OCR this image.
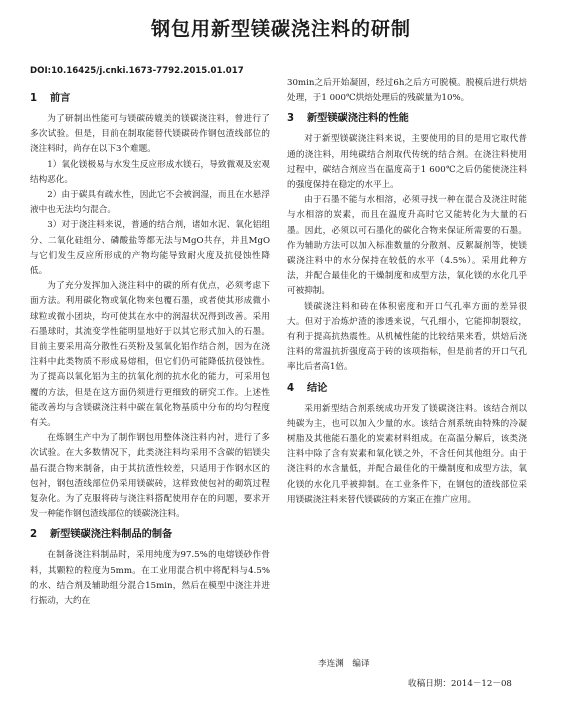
钢包用新型镁碳浇注料的研制
DOI:10.16425/j.cnki.1673-7792.2015.01.017
1 前言

为了研制出性能可与镁碳砖媲美的镁碳浇注料，曾进行了多次试验。但是，目前在制取能替代镁碳砖作钢包渣线部位的浇注料时，尚存在以下3个难题。

1）氧化镁极易与水发生反应形成水镁石，导致微观及宏观结构恶化。

2）由于碳具有疏水性，因此它不会被润湿，而且在水悬浮液中也无法均匀混合。

3）对于浇注料来说，普通的结合剂，诸如水泥、氧化铝组分、二氧化硅组分、磷酸盐等都无法与MgO共存，并且MgO与它们发生反应所形成的产物均能导致耐火度及抗侵蚀性降低。

为了充分发挥加入浇注料中的碳的所有优点，必须考虑下面方法。利用碳化物或氧化物来包覆石墨，或者使其形成微小球粒或微小团块，均可使其在水中的润湿状况得到改善。采用石墨球时，其流变学性能明显地好于以其它形式加入的石墨。目前主要采用高分散性石英粉及氢氧化铝作结合剂，因为在浇注料中此类物质不形成易熔相，但它们仍可能降低抗侵蚀性。为了提高以氧化铝为主的抗氧化剂的抗水化的能力，可采用包覆的方法，但是在这方面仍须进行更细致的研究工作。上述性能改善均与含镁碳浇注料中碳在氧化物基质中分布的均匀程度有关。

在炼钢生产中为了制作钢包用整体浇注料内衬，进行了多次试验。在大多数情况下，此类浇注料均采用不含碳的铝镁尖晶石混合物来制备，由于其抗渣性较差，只适用于作钢水区的包衬，钢包渣线部位仍采用镁碳砖，这样致使包衬的砌筑过程复杂化。为了克服将砖与浇注料搭配使用存在的问题，要求开发一种能作钢包渣线部位的镁碳浇注料。

2 新型镁碳浇注料制品的制备

在制备浇注料制品时，采用纯度为97.5%的电熔镁砂作骨料，其颗粒的粒度为5mm。在工业用混合机中将配料与4.5%的水、结合剂及辅助组分混合15min，然后在模型中浇注并进行振动，大约在

30min之后开始凝固，经过6h之后方可脱模。脱模后进行烘焙处理，于1 000℃烘焙处理后的残碳量为10%。

3 新型镁碳浇注料的性能

对于新型镁碳浇注料来说，主要使用的目的是用它取代普通的浇注料，用纯碳结合剂取代传统的结合剂。在浇注料使用过程中，碳结合剂应当在温度高于1 600℃之后仍能使浇注料的强度保持在稳定的水平上。

由于石墨不能与水相溶，必须寻找一种在混合及浇注时能与水相溶的炭素，而且在温度升高时它又能转化为大量的石墨。因此，必须以可石墨化的碳化合物来保证所需要的石墨。作为辅助方法可以加入标准数量的分散剂、反絮凝剂等，使镁碳浇注料中的水分保持在较低的水平（4.5%）。采用此种方法，并配合最佳化的干燥制度和成型方法，氧化镁的水化几乎可被抑制。

镁碳浇注料和砖在体积密度和开口气孔率方面的差异很大。但对于冶炼炉渣的渗透来说，气孔细小，它能抑制裂纹，有利于提高抗热震性。从机械性能的比较结果来看，烘焙后浇注料的常温抗折强度高于砖的该项指标，但是前者的开口气孔率比后者高1倍。

4 结论

采用新型结合剂系统成功开发了镁碳浇注料。该结合剂以纯碳为主，也可以加入少量的水。该结合剂系统由特殊的冷凝树脂及其他能石墨化的炭素材料组成。在高温分解后，该类浇注料中除了含有炭素和氧化镁之外，不含任何其他组分。由于浇注料的水含量低，并配合最佳化的干燥制度和成型方法，氧化镁的水化几乎被抑制。在工业条件下，在钢包的渣线部位采用镁碳浇注料来替代镁碳砖的方案正在推广应用。

李连渊　编译
收稿日期：2014－12－08
